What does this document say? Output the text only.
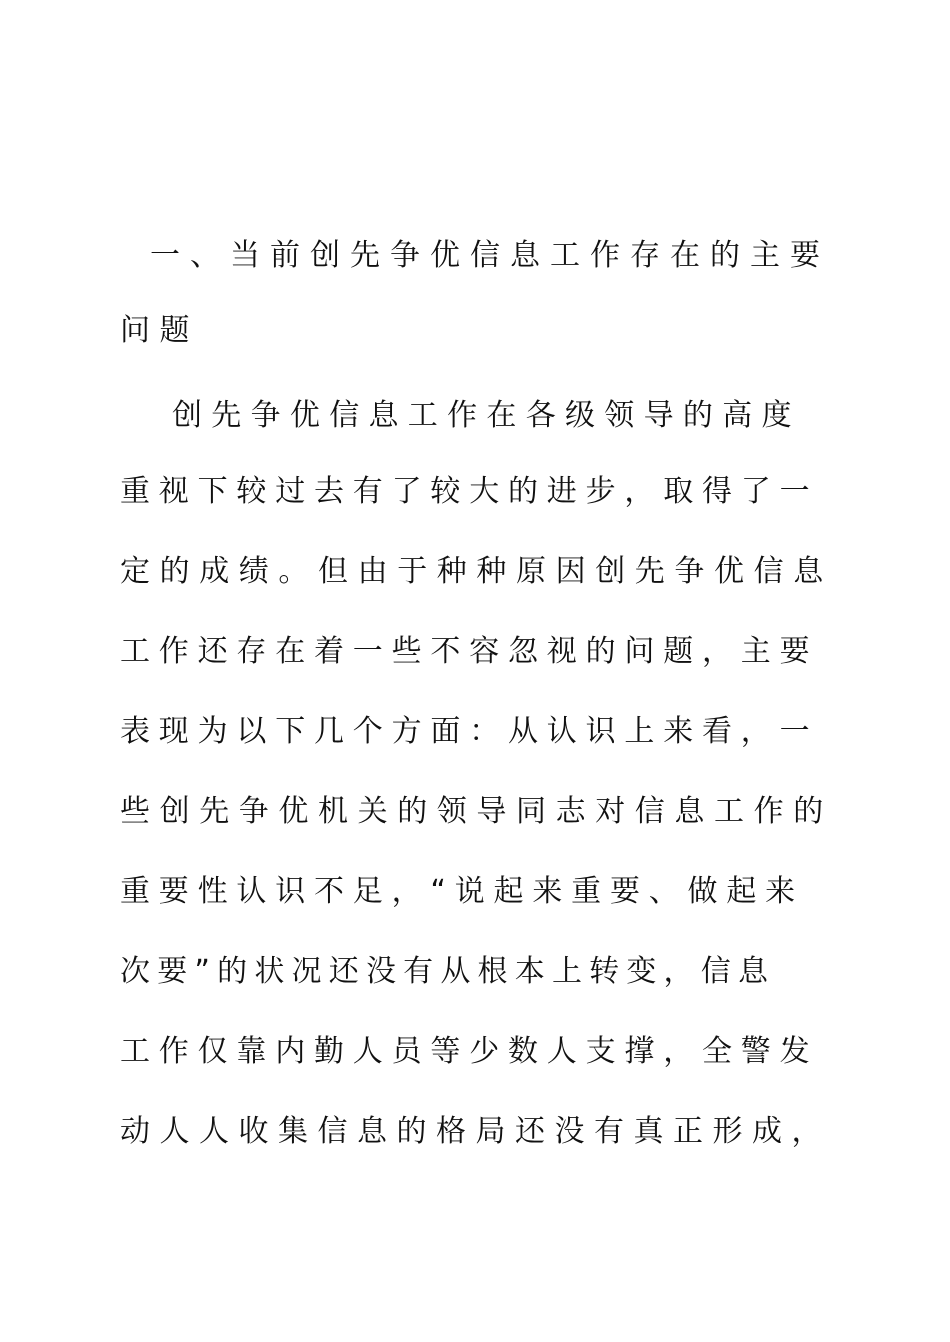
一、当前创先争优信息工作存在的主要
问题
创先争优信息工作在各级领导的高度
重视下较过去有了较大的进步，取得了一
定的成绩。但由于种种原因创先争优信息
工作还存在着一些不容忽视的问题，主要
表现为以下几个方面：从认识上来看，一
些创先争优机关的领导同志对信息工作的
重要性认识不足，“说起来重要、做起来
次要”的状况还没有从根本上转变，信息
工作仅靠内勤人员等少数人支撑，全警发
动人人收集信息的格局还没有真正形成，
